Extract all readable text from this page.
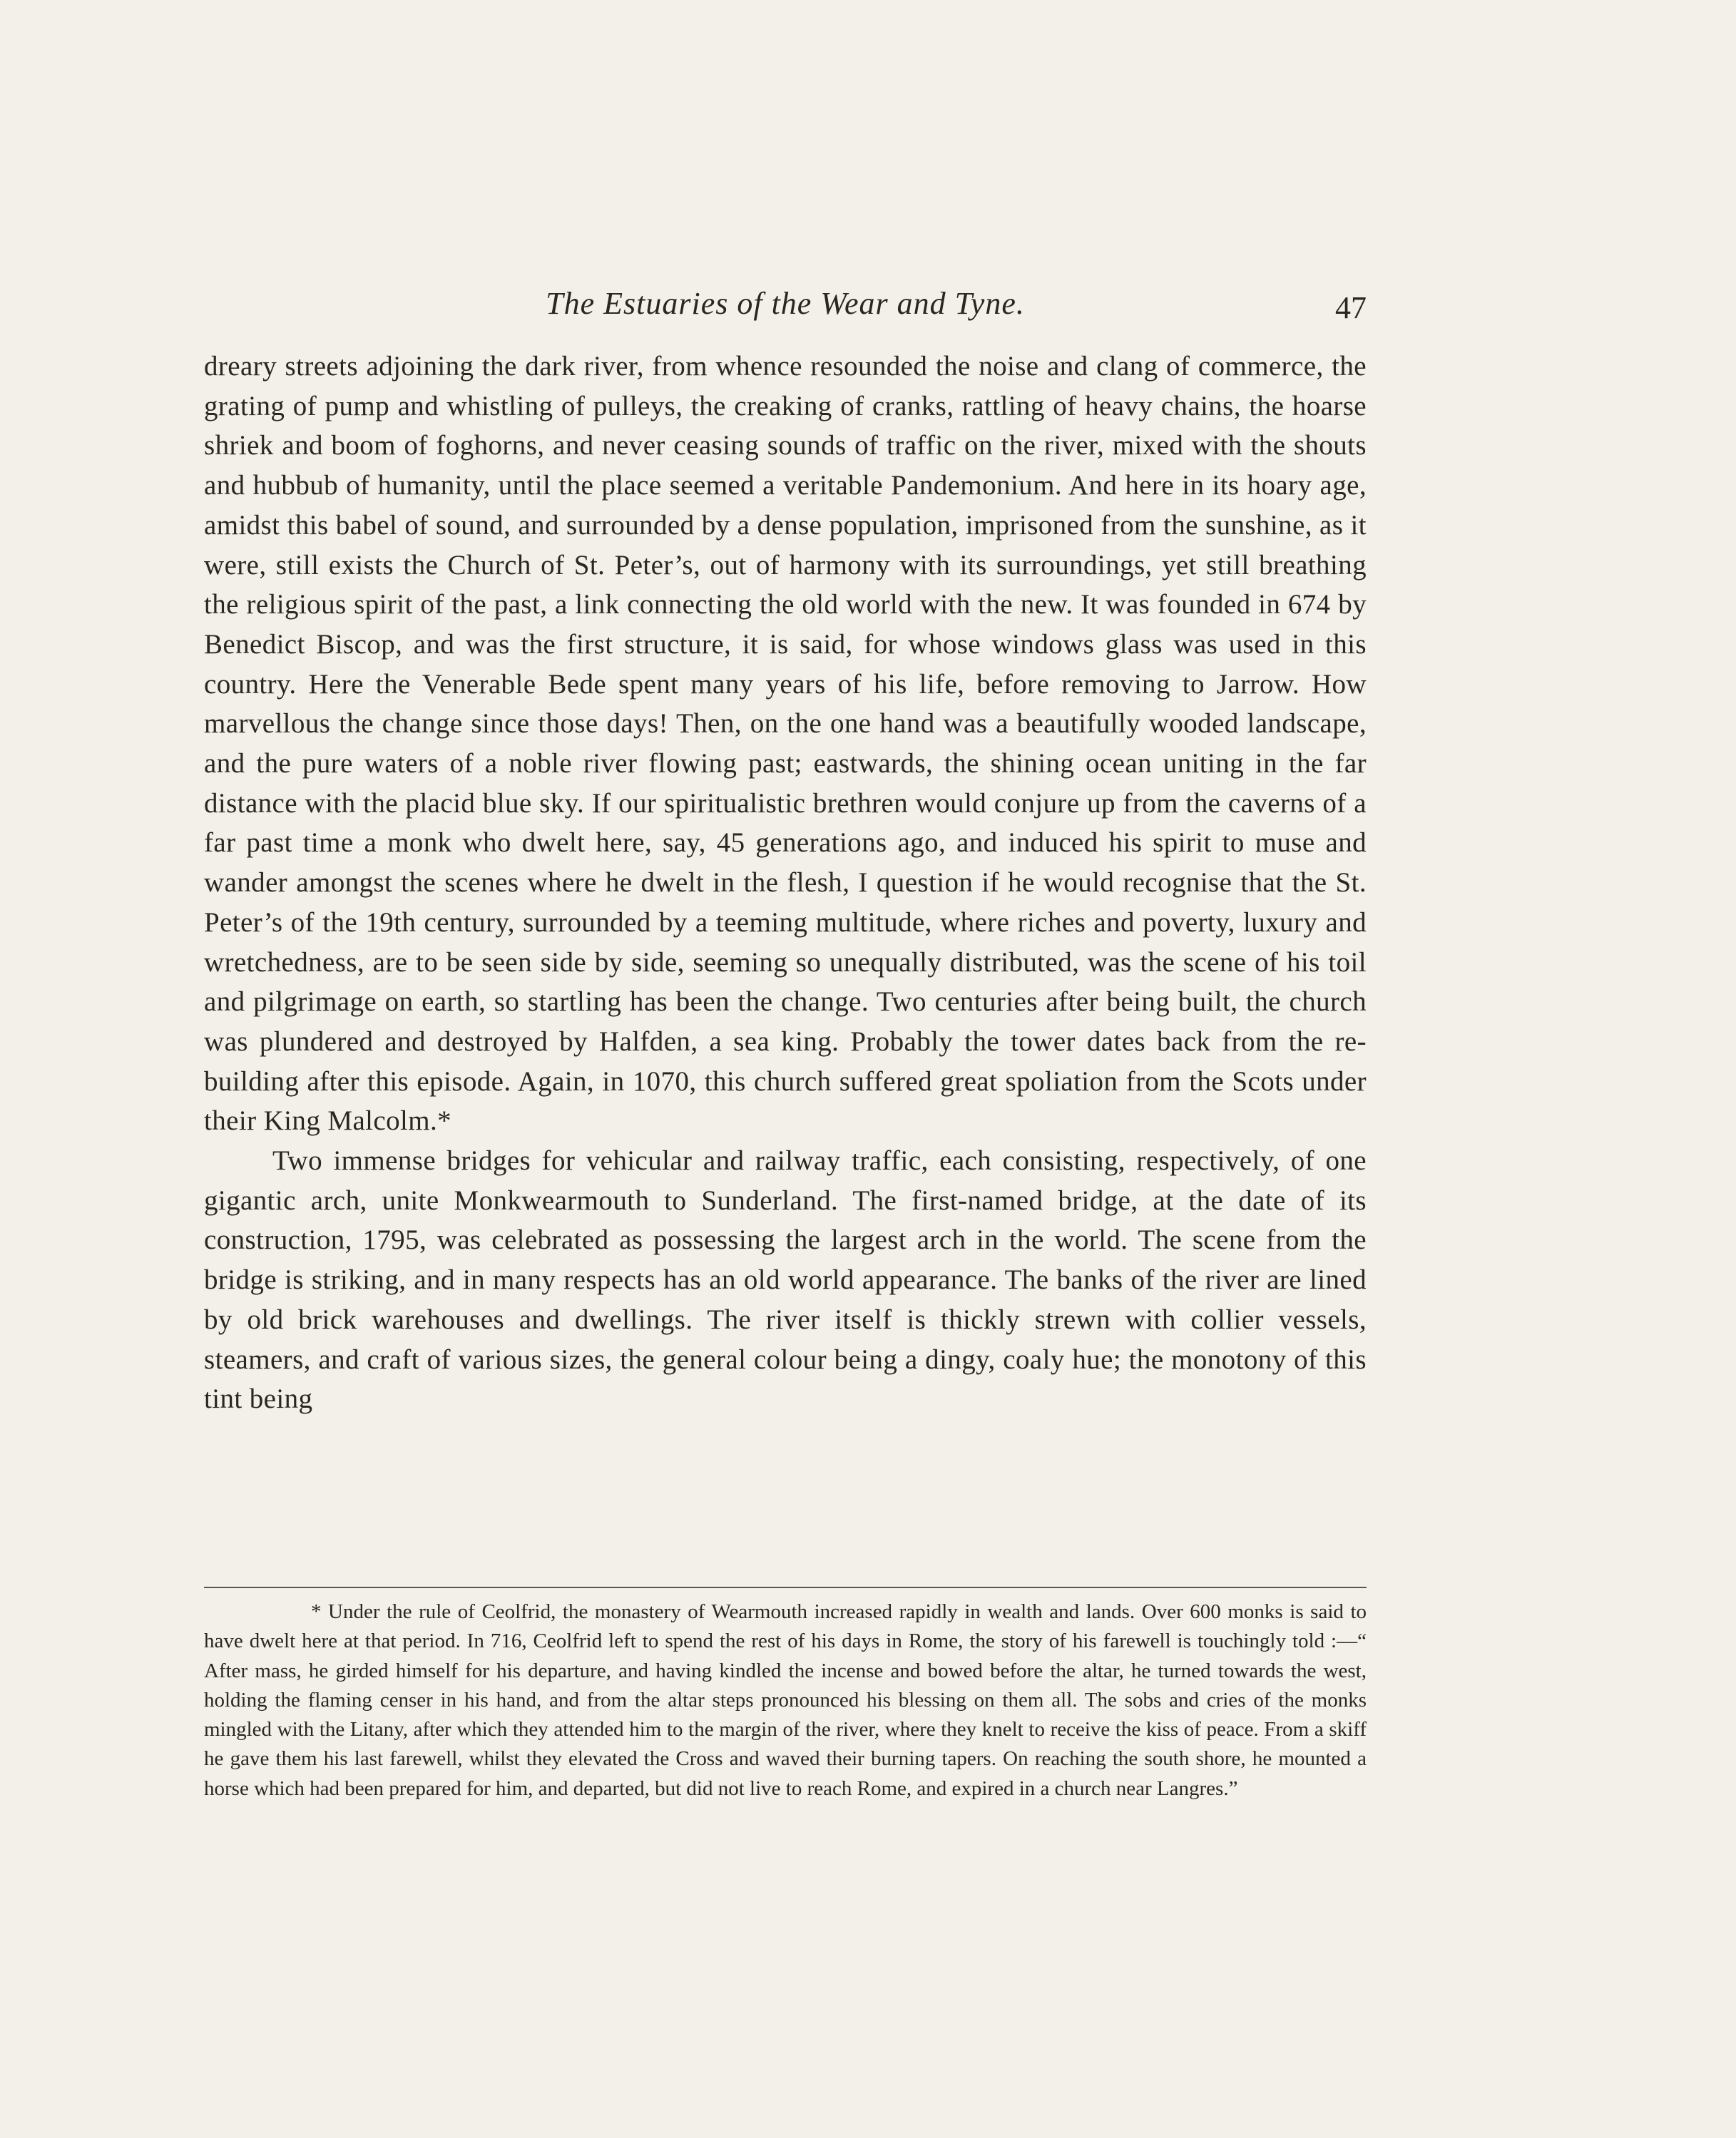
The Estuaries of the Wear and Tyne.	47

dreary streets adjoining the dark river, from whence resounded the noise and clang of commerce, the grating of pump and whistling of pulleys, the creaking of cranks, rattling of heavy chains, the hoarse shriek and boom of foghorns, and never ceasing sounds of traffic on the river, mixed with the shouts and hubbub of humanity, until the place seemed a veritable Pandemonium. And here in its hoary age, amidst this babel of sound, and surrounded by a dense population, imprisoned from the sunshine, as it were, still exists the Church of St. Peter’s, out of harmony with its surroundings, yet still breathing the religious spirit of the past, a link connecting the old world with the new. It was founded in 674 by Benedict Biscop, and was the first structure, it is said, for whose windows glass was used in this country. Here the Venerable Bede spent many years of his life, before removing to Jarrow. How marvellous the change since those days! Then, on the one hand was a beautifully wooded landscape, and the pure waters of a noble river flowing past; eastwards, the shining ocean uniting in the far distance with the placid blue sky. If our spiritualistic brethren would conjure up from the caverns of a far past time a monk who dwelt here, say, 45 generations ago, and induced his spirit to muse and wander amongst the scenes where he dwelt in the flesh, I question if he would recognise that the St. Peter’s of the 19th century, surrounded by a teeming multitude, where riches and poverty, luxury and wretchedness, are to be seen side by side, seeming so unequally distributed, was the scene of his toil and pilgrimage on earth, so startling has been the change. Two centuries after being built, the church was plundered and destroyed by Halfden, a sea king. Probably the tower dates back from the re-building after this episode. Again, in 1070, this church suffered great spoliation from the Scots under their King Malcolm.*

Two immense bridges for vehicular and railway traffic, each consisting, respectively, of one gigantic arch, unite Monkwearmouth to Sunderland. The first-named bridge, at the date of its construction, 1795, was celebrated as possessing the largest arch in the world. The scene from the bridge is striking, and in many respects has an old world appearance. The banks of the river are lined by old brick warehouses and dwellings. The river itself is thickly strewn with collier vessels, steamers, and craft of various sizes, the general colour being a dingy, coaly hue; the monotony of this tint being

* Under the rule of Ceolfrid, the monastery of Wearmouth increased rapidly in wealth and lands. Over 600 monks is said to have dwelt here at that period. In 716, Ceolfrid left to spend the rest of his days in Rome, the story of his farewell is touchingly told :—“ After mass, he girded himself for his departure, and having kindled the incense and bowed before the altar, he turned towards the west, holding the flaming censer in his hand, and from the altar steps pronounced his blessing on them all. The sobs and cries of the monks mingled with the Litany, after which they attended him to the margin of the river, where they knelt to receive the kiss of peace. From a skiff he gave them his last farewell, whilst they elevated the Cross and waved their burning tapers. On reaching the south shore, he mounted a horse which had been prepared for him, and departed, but did not live to reach Rome, and expired in a church near Langres.”
